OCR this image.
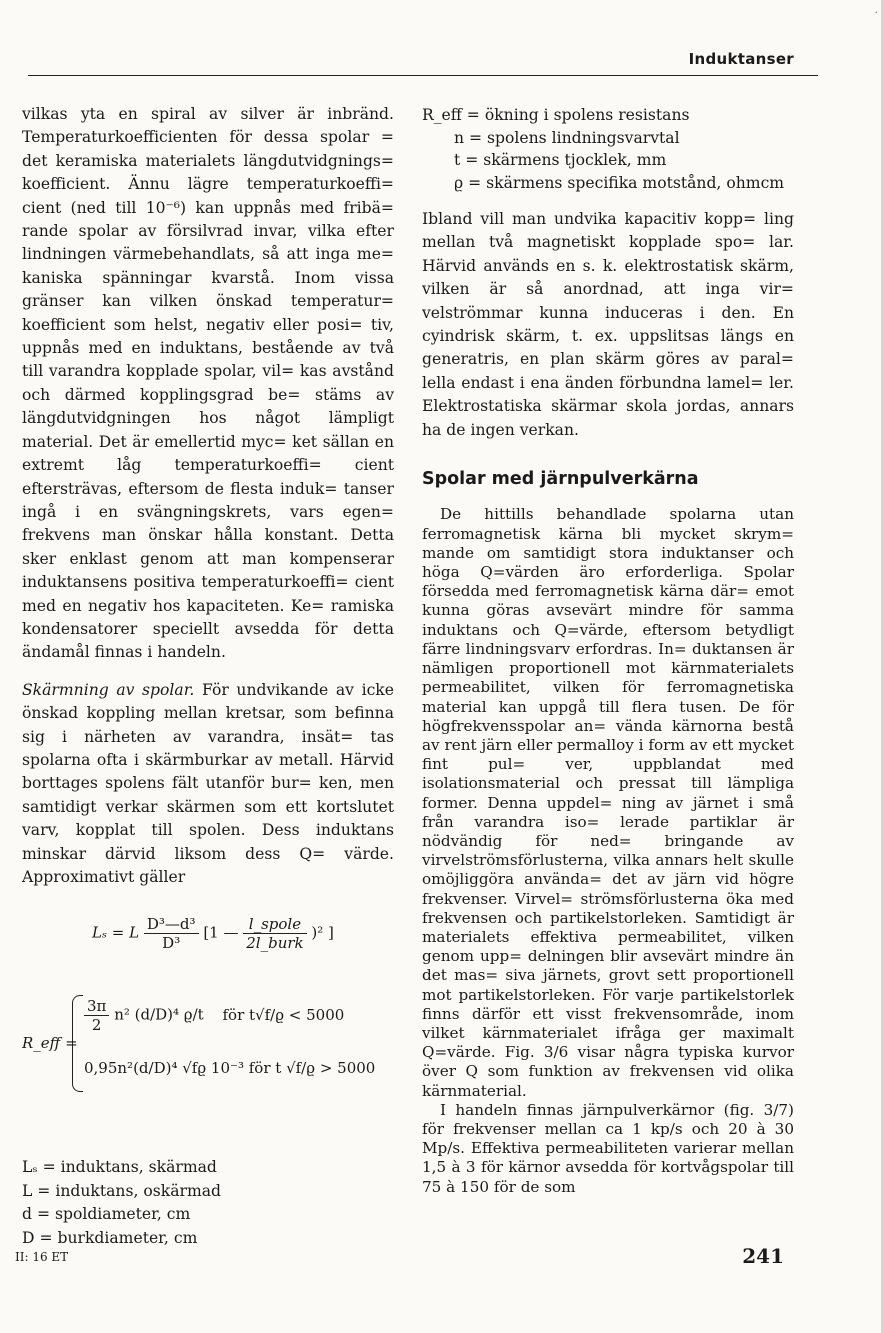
·
Induktanser

vilkas yta en spiral av silver är inbränd. Temperaturkoefficienten för dessa spolar = det keramiska materialets längdutvidgnings= koefficient. Ännu lägre temperaturkoeffi= cient (ned till 10⁻⁶) kan uppnås med fribä= rande spolar av försilvrad invar, vilka efter lindningen värmebehandlats, så att inga me= kaniska spänningar kvarstå. Inom vissa gränser kan vilken önskad temperatur= koefficient som helst, negativ eller posi= tiv, uppnås med en induktans, bestående av två till varandra kopplade spolar, vil= kas avstånd och därmed kopplingsgrad be= stäms av längdutvidgningen hos något lämpligt material. Det är emellertid myc= ket sällan en extremt låg temperaturkoeffi= cient eftersträvas, eftersom de flesta induk= tanser ingå i en svängningskrets, vars egen= frekvens man önskar hålla konstant. Detta sker enklast genom att man kompenserar induktansens positiva temperaturkoeffi= cient med en negativ hos kapaciteten. Ke= ramiska kondensatorer speciellt avsedda för detta ändamål finnas i handeln.

Skärmning av spolar. För undvikande av icke önskad koppling mellan kretsar, som befinna sig i närheten av varandra, insät= tas spolarna ofta i skärmburkar av metall. Härvid borttages spolens fält utanför bur= ken, men samtidigt verkar skärmen som ett kortslutet varv, kopplat till spolen. Dess induktans minskar därvid liksom dess Q= värde. Approximativt gäller

Lₛ = L $\frac{\text{D³—d³}}{\text{D³}} [1$ — $\frac{\text{l\_spole}}{\text{2l\_burk}} )^2$ ]
R_eff =
$\frac{3\pi}{2} n^2$ (d/D)⁴ ϱ/t för t√f/ϱ < 5000
0,95n²(d/D)⁴ √fϱ 10⁻³ för t √f/ϱ > 5000
Lₛ = induktans, skärmad
L = induktans, oskärmad
d = spoldiameter, cm
D = burkdiameter, cm
R_eff = ökning i spolens resistans
n = spolens lindningsvarvtal
t = skärmens tjocklek, mm
ϱ = skärmens specifika motstånd, ohmcm

Ibland vill man undvika kapacitiv kopp= ling mellan två magnetiskt kopplade spo= lar. Härvid används en s. k. elektrostatisk skärm, vilken är så anordnad, att inga vir= velströmmar kunna induceras i den. En cyindrisk skärm, t. ex. uppslitsas längs en generatris, en plan skärm göres av paral= lella endast i ena änden förbundna lamel= ler. Elektrostatiska skärmar skola jordas, annars ha de ingen verkan.

Spolar med järnpulverkärna

De hittills behandlade spolarna utan ferromagnetisk kärna bli mycket skrym= mande om samtidigt stora induktanser och höga Q=värden äro erforderliga. Spolar försedda med ferromagnetisk kärna där= emot kunna göras avsevärt mindre för samma induktans och Q=värde, eftersom betydligt färre lindningsvarv erfordras. In= duktansen är nämligen proportionell mot kärnmaterialets permeabilitet, vilken för ferromagnetiska material kan uppgå till flera tusen. De för högfrekvensspolar an= vända kärnorna bestå av rent järn eller permalloy i form av ett mycket fint pul= ver, uppblandat med isolationsmaterial och pressat till lämpliga former. Denna uppdel= ning av järnet i små från varandra iso= lerade partiklar är nödvändig för ned= bringande av virvelströmsförlusterna, vilka annars helt skulle omöjliggöra använda= det av järn vid högre frekvenser. Virvel= strömsförlusterna öka med frekvensen och partikelstorleken. Samtidigt är materialets effektiva permeabilitet, vilken genom upp= delningen blir avsevärt mindre än det mas= siva järnets, grovt sett proportionell mot partikelstorleken. För varje partikelstorlek finns därför ett visst frekvensområde, inom vilket kärnmaterialet ifråga ger maximalt Q=värde. Fig. 3/6 visar några typiska kurvor över Q som funktion av frekvensen vid olika kärnmaterial.

I handeln finnas järnpulverkärnor (fig. 3/7) för frekvenser mellan ca 1 kp/s och 20 à 30 Mp/s. Effektiva permeabiliteten varierar mellan 1,5 à 3 för kärnor avsedda för kortvågspolar till 75 à 150 för de som

II: 16 ET	241
